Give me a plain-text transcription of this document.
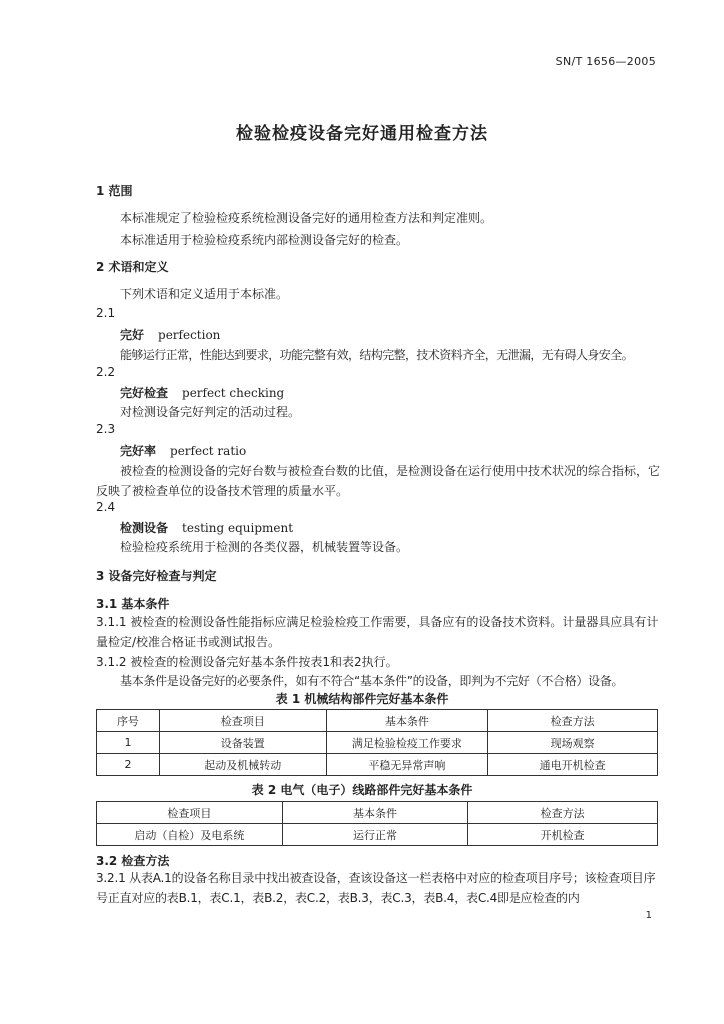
SN/T 1656—2005
检验检疫设备完好通用检查方法
1 范围
本标准规定了检验检疫系统检测设备完好的通用检查方法和判定准则。
本标准适用于检验检疫系统内部检测设备完好的检查。
2 术语和定义
下列术语和定义适用于本标准。
2.1
完好 perfection
能够运行正常，性能达到要求，功能完整有效，结构完整，技术资料齐全，无泄漏，无有碍人身安全。
2.2
完好检查 perfect checking
对检测设备完好判定的活动过程。
2.3
完好率 perfect ratio
被检查的检测设备的完好台数与被检查台数的比值，是检测设备在运行使用中技术状况的综合指标，它反映了被检查单位的设备技术管理的质量水平。
2.4
检测设备 testing equipment
检验检疫系统用于检测的各类仪器，机械装置等设备。
3 设备完好检查与判定
3.1 基本条件
3.1.1 被检查的检测设备性能指标应满足检验检疫工作需要，具备应有的设备技术资料。计量器具应具有计量检定/校准合格证书或测试报告。
3.1.2 被检查的检测设备完好基本条件按表1和表2执行。
基本条件是设备完好的必要条件，如有不符合“基本条件”的设备，即判为不完好（不合格）设备。
表 1 机械结构部件完好基本条件
序号	检查项目	基本条件	检查方法
1	设备装置	满足检验检疫工作要求	现场观察
2	起动及机械转动	平稳无异常声响	通电开机检查
表 2 电气（电子）线路部件完好基本条件
检查项目	基本条件	检查方法
启动（自检）及电系统	运行正常	开机检查
3.2 检查方法
3.2.1 从表A.1的设备名称目录中找出被查设备，查该设备这一栏表格中对应的检查项目序号；该检查项目序号正直对应的表B.1，表C.1，表B.2，表C.2，表B.3，表C.3，表B.4，表C.4即是应检查的内
1
